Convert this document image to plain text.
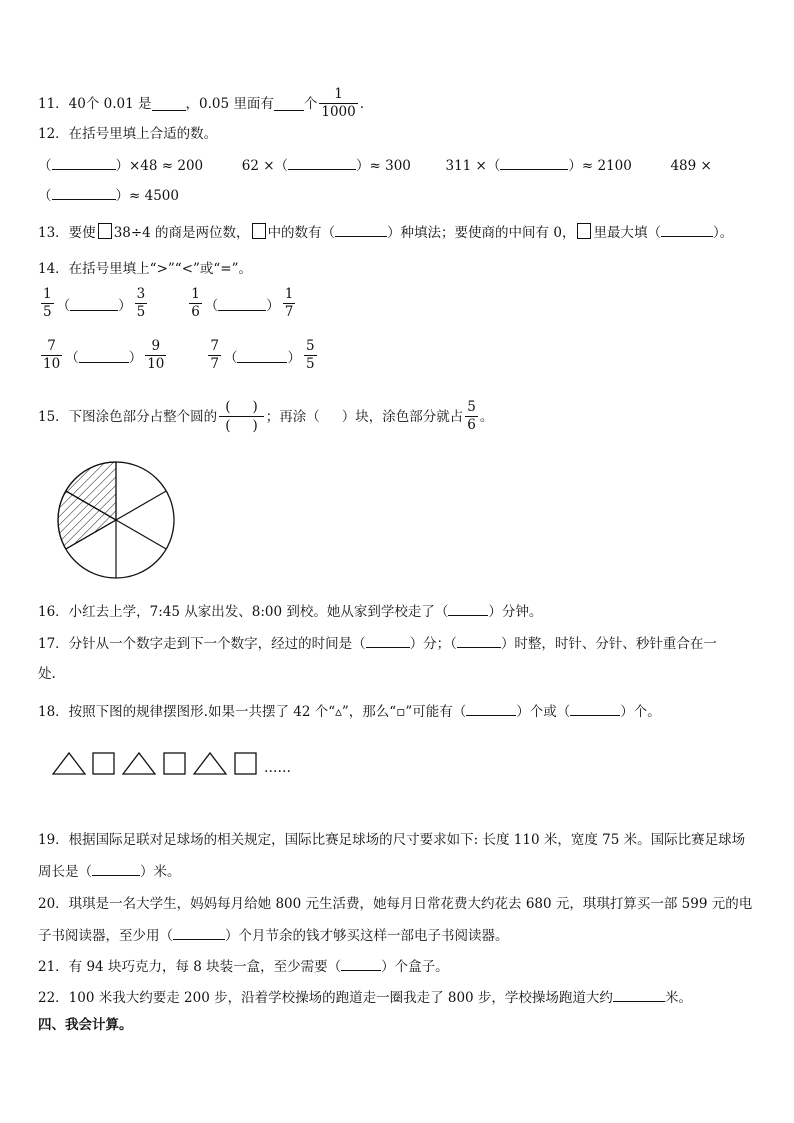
11．40个 0.01 是	，0.05 里面有 个 $\frac{1}{1000}$ .
12．在括号里填上合适的数。
（	）×48 ≈ 200	62 ×（	）≈ 300	311 ×（	）≈ 2100	489 ×
（	）≈ 4500
13．要使 38÷4 的商是两位数， 中的数有（	）种填法；要使商的中间有 0， 里最大填（	）。
14．在括号里填上“>”“<”或“=”。
$\frac{1}{5}$ （	） $\frac{3}{5}$	$\frac{1}{6}$ （	） $\frac{1}{7}$
$\frac{7}{10}$ （	） $\frac{9}{10}$	$\frac{7}{7}$ （	） $\frac{5}{5}$
15．下图涂色部分占整个圆的 $\frac{( )}{( )}$ ；再涂（ ）块，涂色部分就占 $\frac{5}{6}$ 。
16．小红去上学，7:45 从家出发、8:00 到校。她从家到学校走了（	）分钟。
17．分针从一个数字走到下一个数字，经过的时间是（	）分；（	）时整，时针、分针、秒针重合在一
处.
18．按照下图的规律摆图形.如果一共摆了 42 个“▵”，那么“▫”可能有（	）个或（	）个。
……
19．根据国际足联对足球场的相关规定，国际比赛足球场的尺寸要求如下: 长度 110 米，宽度 75 米。国际比赛足球场
周长是（	）米。
20．琪琪是一名大学生，妈妈每月给她 800 元生活费，她每月日常花费大约花去 680 元，琪琪打算买一部 599 元的电
子书阅读器，至少用（	）个月节余的钱才够买这样一部电子书阅读器。
21．有 94 块巧克力，每 8 块装一盒，至少需要（	）个盒子。
22．100 米我大约要走 200 步，沿着学校操场的跑道走一圈我走了 800 步，学校操场跑道大约	米。
四、我会计算。
